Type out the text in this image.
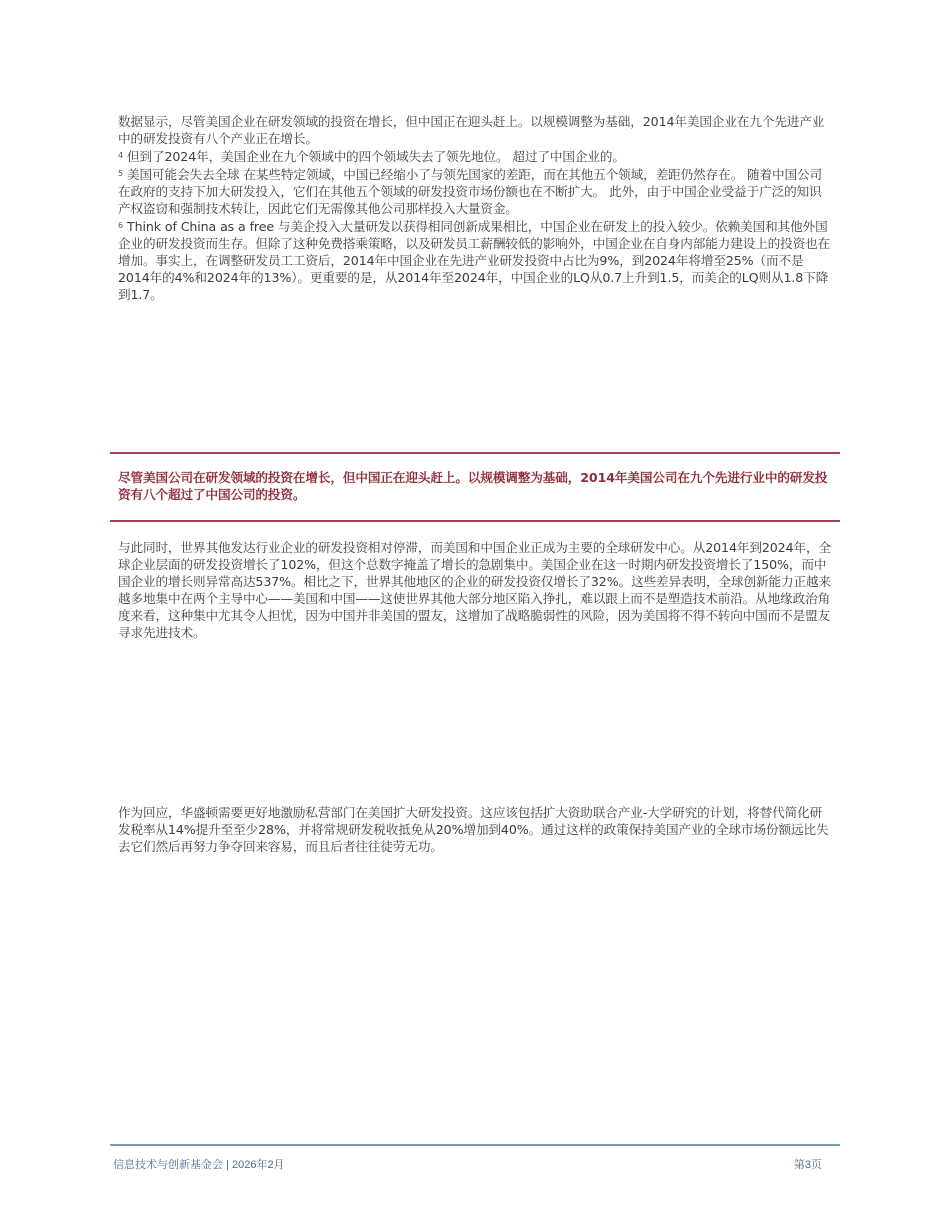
数据显示，尽管美国企业在研发领域的投资在增长，但中国正在迎头赶上。以规模调整为基础，2014年美国企业在九个先进产业中的研发投资有八个产业正在增长。

$^4$ 但到了2024年，美国企业在九个领域中的四个领域失去了领先地位。 超过了中国企业的。

$^5$ 美国可能会失去全球 在某些特定领域，中国已经缩小了与领先国家的差距，而在其他五个领域，差距仍然存在。 随着中国公司在政府的支持下加大研发投入，它们在其他五个领域的研发投资市场份额也在不断扩大。 此外，由于中国企业受益于广泛的知识产权盗窃和强制技术转让，因此它们无需像其他公司那样投入大量资金。

$^6$ Think of China as a free 与美企投入大量研发以获得相同创新成果相比，中国企业在研发上的投入较少。依赖美国和其他外国企业的研发投资而生存。但除了这种免费搭乘策略，以及研发员工薪酬较低的影响外，中国企业在自身内部能力建设上的投资也在增加。事实上，在调整研发员工工资后，2014年中国企业在先进产业研发投资中占比为9%，到2024年将增至25%（而不是2014年的4%和2024年的13%）。更重要的是，从2014年至2024年，中国企业的LQ从0.7上升到1.5，而美企的LQ则从1.8下降到1.7。

尽管美国公司在研发领域的投资在增长，但中国正在迎头赶上。以规模调整为基础，2014年美国公司在九个先进行业中的研发投资有八个超过了中国公司的投资。

与此同时，世界其他发达行业企业的研发投资相对停滞，而美国和中国企业正成为主要的全球研发中心。从2014年到2024年，全球企业层面的研发投资增长了102%，但这个总数字掩盖了增长的急剧集中。美国企业在这一时期内研发投资增长了150%，而中国企业的增长则异常高达537%。相比之下，世界其他地区的企业的研发投资仅增长了32%。这些差异表明，全球创新能力正越来越多地集中在两个主导中心——美国和中国——这使世界其他大部分地区陷入挣扎，难以跟上而不是塑造技术前沿。从地缘政治角度来看，这种集中尤其令人担忧，因为中国并非美国的盟友，这增加了战略脆弱性的风险，因为美国将不得不转向中国而不是盟友寻求先进技术。

作为回应，华盛顿需要更好地激励私营部门在美国扩大研发投资。这应该包括扩大资助联合产业-大学研究的计划，将替代简化研发税率从14%提升至至少28%，并将常规研发税收抵免从20%增加到40%。通过这样的政策保持美国产业的全球市场份额远比失去它们然后再努力争夺回来容易，而且后者往往徒劳无功。

信息技术与创新基金会 | 2026年2月	第3页
